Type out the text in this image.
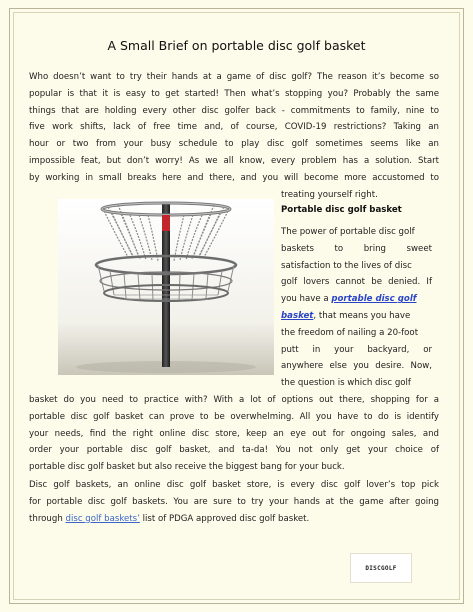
A Small Brief on portable disc golf basket
Who doesn’t want to try their hands at a game of disc golf? The reason it’s become so
popular is that it is easy to get started! Then what’s stopping you? Probably the same
things that are holding every other disc golfer back - commitments to family, nine to
five work shifts, lack of free time and, of course, COVID-19 restrictions? Taking an
hour or two from your busy schedule to play disc golf sometimes seems like an
impossible feat, but don’t worry! As we all know, every problem has a solution. Start
by working in small breaks here and there, and you will become more accustomed to
treating yourself right.
Portable disc golf basket
The power of portable disc golf
baskets to bring sweet
satisfaction to the lives of disc
golf lovers cannot be denied. If
you have a portable disc golf
basket, that means you have
the freedom of nailing a 20-foot
putt in your backyard, or
anywhere else you desire. Now,
the question is which disc golf
basket do you need to practice with? With a lot of options out there, shopping for a
portable disc golf basket can prove to be overwhelming. All you have to do is identify
your needs, find the right online disc store, keep an eye out for ongoing sales, and
order your portable disc golf basket, and ta-da! You not only get your choice of
portable disc golf basket but also receive the biggest bang for your buck.
Disc golf baskets, an online disc golf basket store, is every disc golf lover’s top pick
for portable disc golf baskets. You are sure to try your hands at the game after going
through disc golf baskets’ list of PDGA approved disc golf basket.
DISCGOLF
